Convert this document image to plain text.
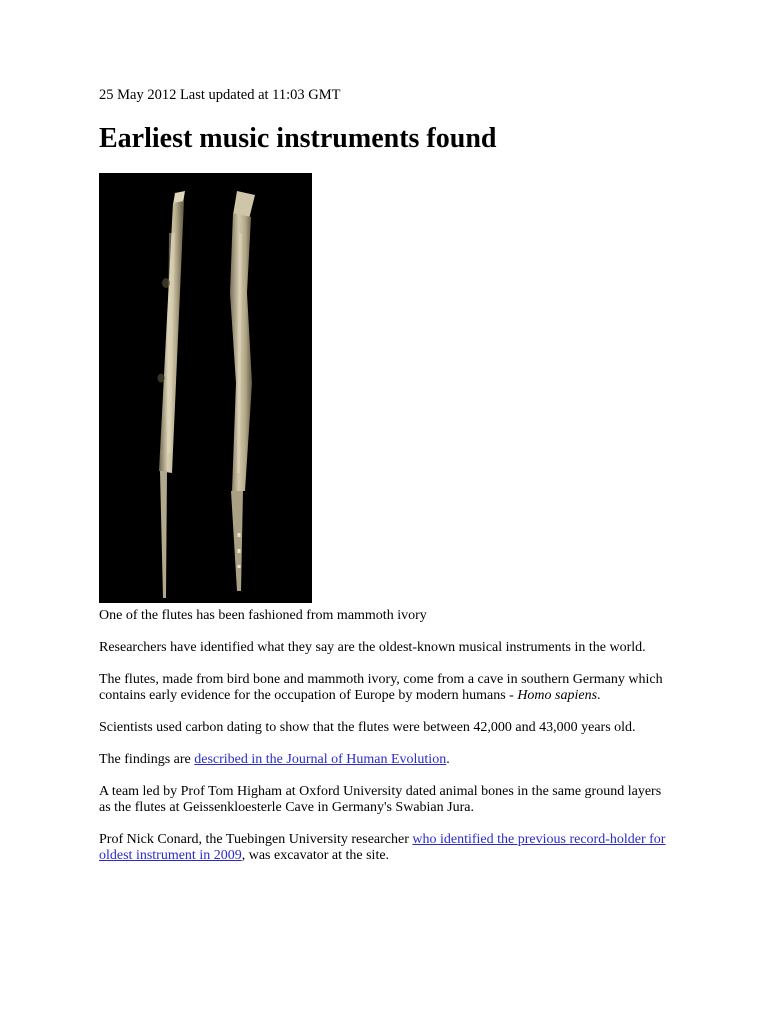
25 May 2012 Last updated at 11:03 GMT

Earliest music instruments found

One of the flutes has been fashioned from mammoth ivory

Researchers have identified what they say are the oldest-known musical instruments in the world.

The flutes, made from bird bone and mammoth ivory, come from a cave in southern Germany which contains early evidence for the occupation of Europe by modern humans - Homo sapiens.

Scientists used carbon dating to show that the flutes were between 42,000 and 43,000 years old.

The findings are described in the Journal of Human Evolution.

A team led by Prof Tom Higham at Oxford University dated animal bones in the same ground layers as the flutes at Geissenkloesterle Cave in Germany's Swabian Jura.

Prof Nick Conard, the Tuebingen University researcher who identified the previous record-holder for oldest instrument in 2009, was excavator at the site.
